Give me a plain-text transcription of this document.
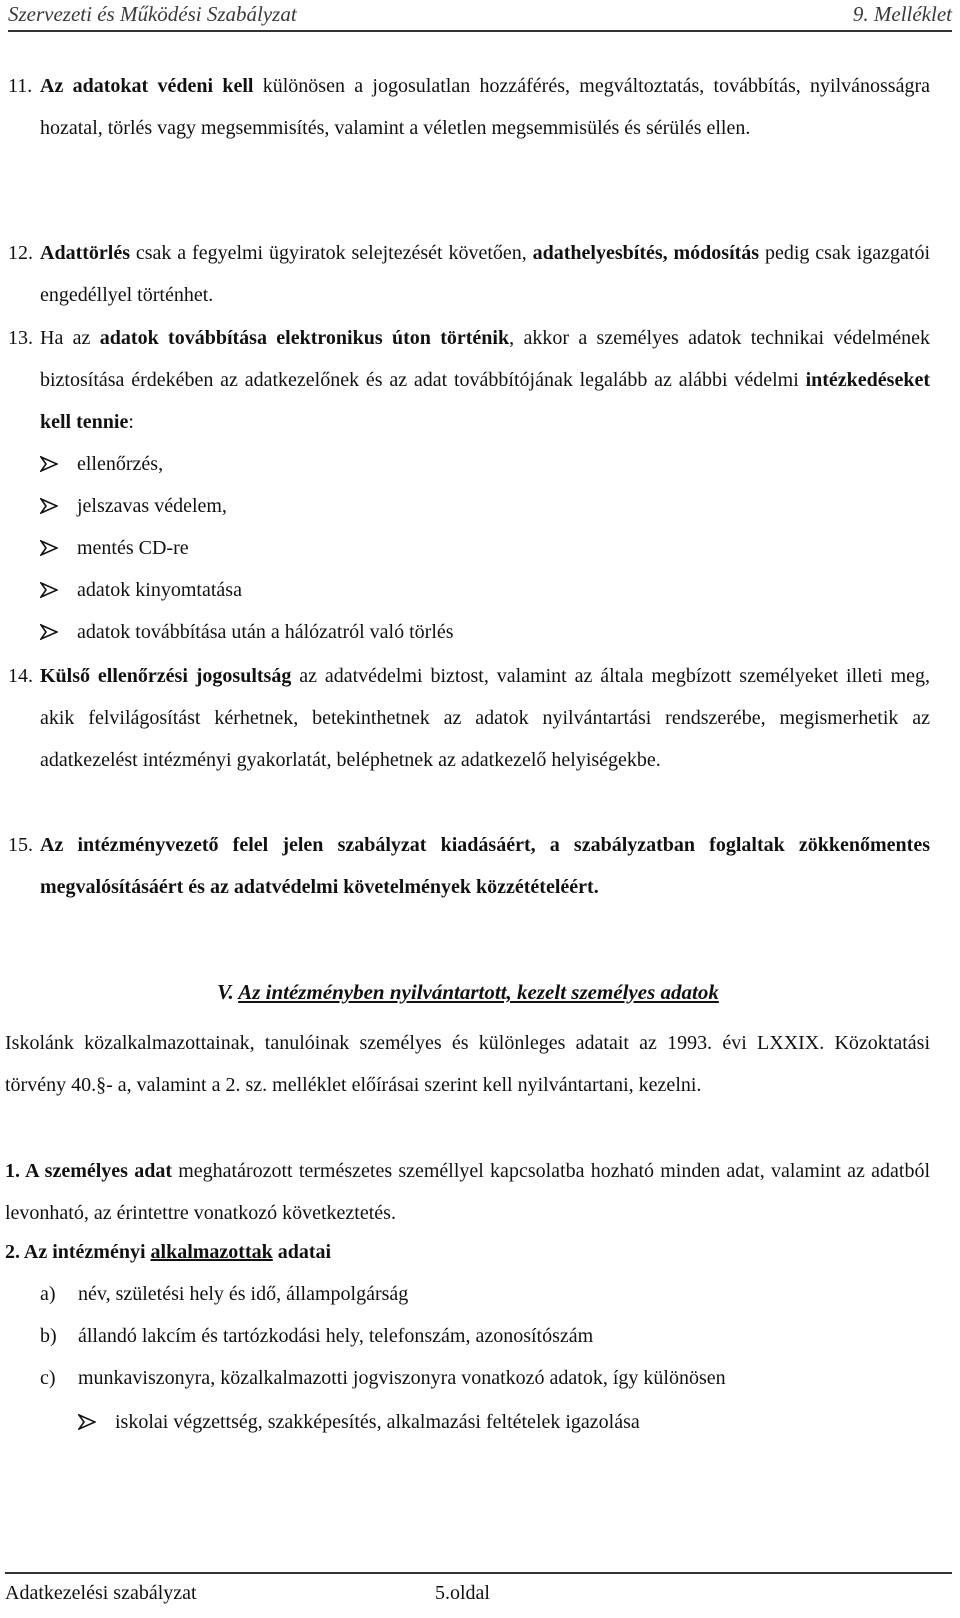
Szervezeti és Működési Szabályzat	9. Melléklet
11. Az adatokat védeni kell különösen a jogosulatlan hozzáférés, megváltoztatás, továbbítás, nyilvánosságra hozatal, törlés vagy megsemmisítés, valamint a véletlen megsemmisülés és sérülés ellen.
12. Adattörlés csak a fegyelmi ügyiratok selejtezését követően, adathelyesbítés, módosítás pedig csak igazgatói engedéllyel történhet.
13. Ha az adatok továbbítása elektronikus úton történik, akkor a személyes adatok technikai védelmének biztosítása érdekében az adatkezelőnek és az adat továbbítójának legalább az alábbi védelmi intézkedéseket kell tennie:
ellenőrzés,
jelszavas védelem,
mentés CD-re
adatok kinyomtatása
adatok továbbítása után a hálózatról való törlés
14. Külső ellenőrzési jogosultság az adatvédelmi biztost, valamint az általa megbízott személyeket illeti meg, akik felvilágosítást kérhetnek, betekinthetnek az adatok nyilvántartási rendszerébe, megismerhetik az adatkezelést intézményi gyakorlatát, beléphetnek az adatkezelő helyiségekbe.
15. Az intézményvezető felel jelen szabályzat kiadásáért, a szabályzatban foglaltak zökkenőmentes megvalósításáért és az adatvédelmi követelmények közzétételéért.
V. Az intézményben nyilvántartott, kezelt személyes adatok
Iskolánk közalkalmazottainak, tanulóinak személyes és különleges adatait az 1993. évi LXXIX. Közoktatási törvény 40.§- a, valamint a 2. sz. melléklet előírásai szerint kell nyilvántartani, kezelni.
1. A személyes adat meghatározott természetes személlyel kapcsolatba hozható minden adat, valamint az adatból levonható, az érintettre vonatkozó következtetés.
2. Az intézményi alkalmazottak adatai
a) név, születési hely és idő, állampolgárság
b) állandó lakcím és tartózkodási hely, telefonszám, azonosítószám
c) munkaviszonyra, közalkalmazotti jogviszonyra vonatkozó adatok, így különösen
iskolai végzettség, szakképesítés, alkalmazási feltételek igazolása
Adatkezelési szabályzat	5.oldal
